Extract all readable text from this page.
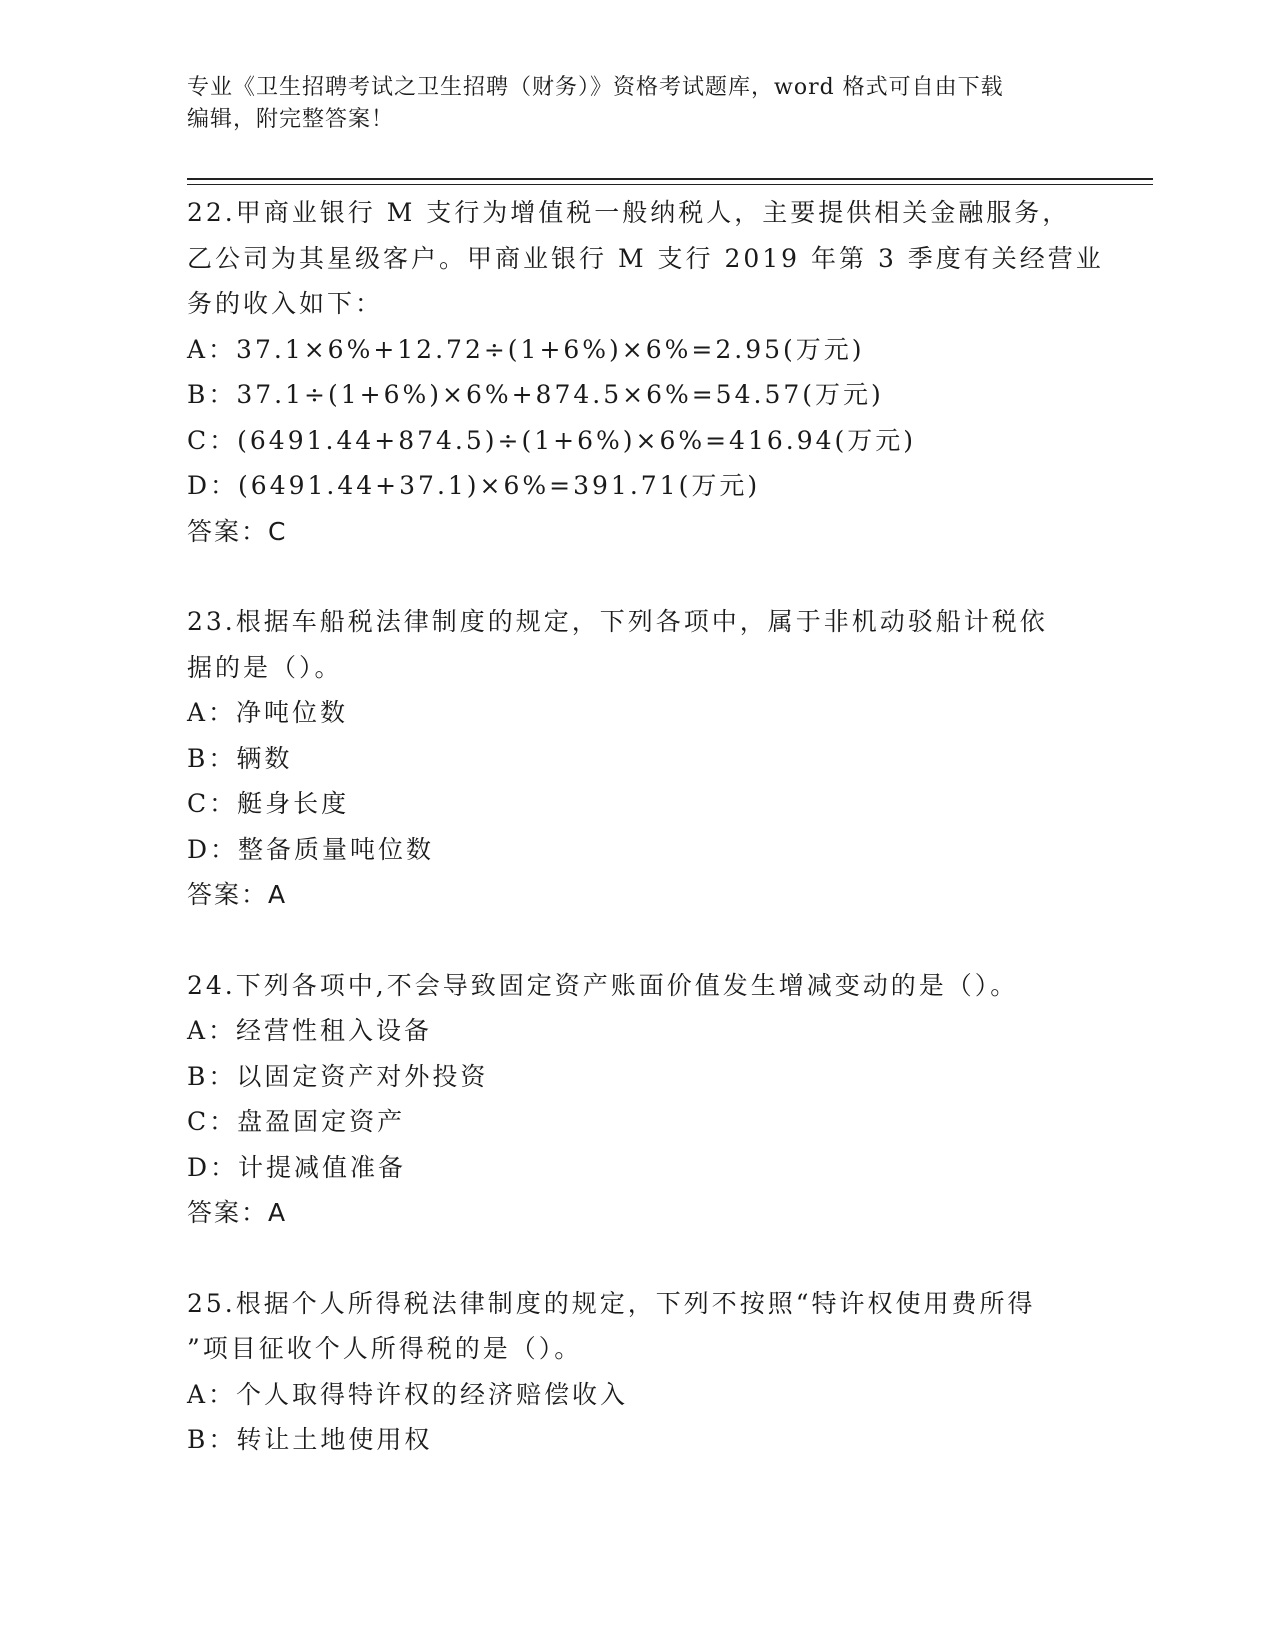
专业《卫生招聘考试之卫生招聘（财务）》资格考试题库，word 格式可自由下载
编辑，附完整答案！
22.甲商业银行 M 支行为增值税一般纳税人，主要提供相关金融服务，
乙公司为其星级客户。甲商业银行 M 支行 2019 年第 3 季度有关经营业
务的收入如下：
A：37.1×6%+12.72÷(1+6%)×6%=2.95(万元)
B：37.1÷(1+6%)×6%+874.5×6%=54.57(万元)
C：(6491.44+874.5)÷(1+6%)×6%=416.94(万元)
D：(6491.44+37.1)×6%=391.71(万元)
答案：C
23.根据车船税法律制度的规定，下列各项中，属于非机动驳船计税依
据的是（）。
A：净吨位数
B：辆数
C：艇身长度
D：整备质量吨位数
答案：A
24.下列各项中,不会导致固定资产账面价值发生增减变动的是（）。
A：经营性租入设备
B：以固定资产对外投资
C：盘盈固定资产
D：计提减值准备
答案：A
25.根据个人所得税法律制度的规定，下列不按照“特许权使用费所得
”项目征收个人所得税的是（）。
A：个人取得特许权的经济赔偿收入
B：转让土地使用权
